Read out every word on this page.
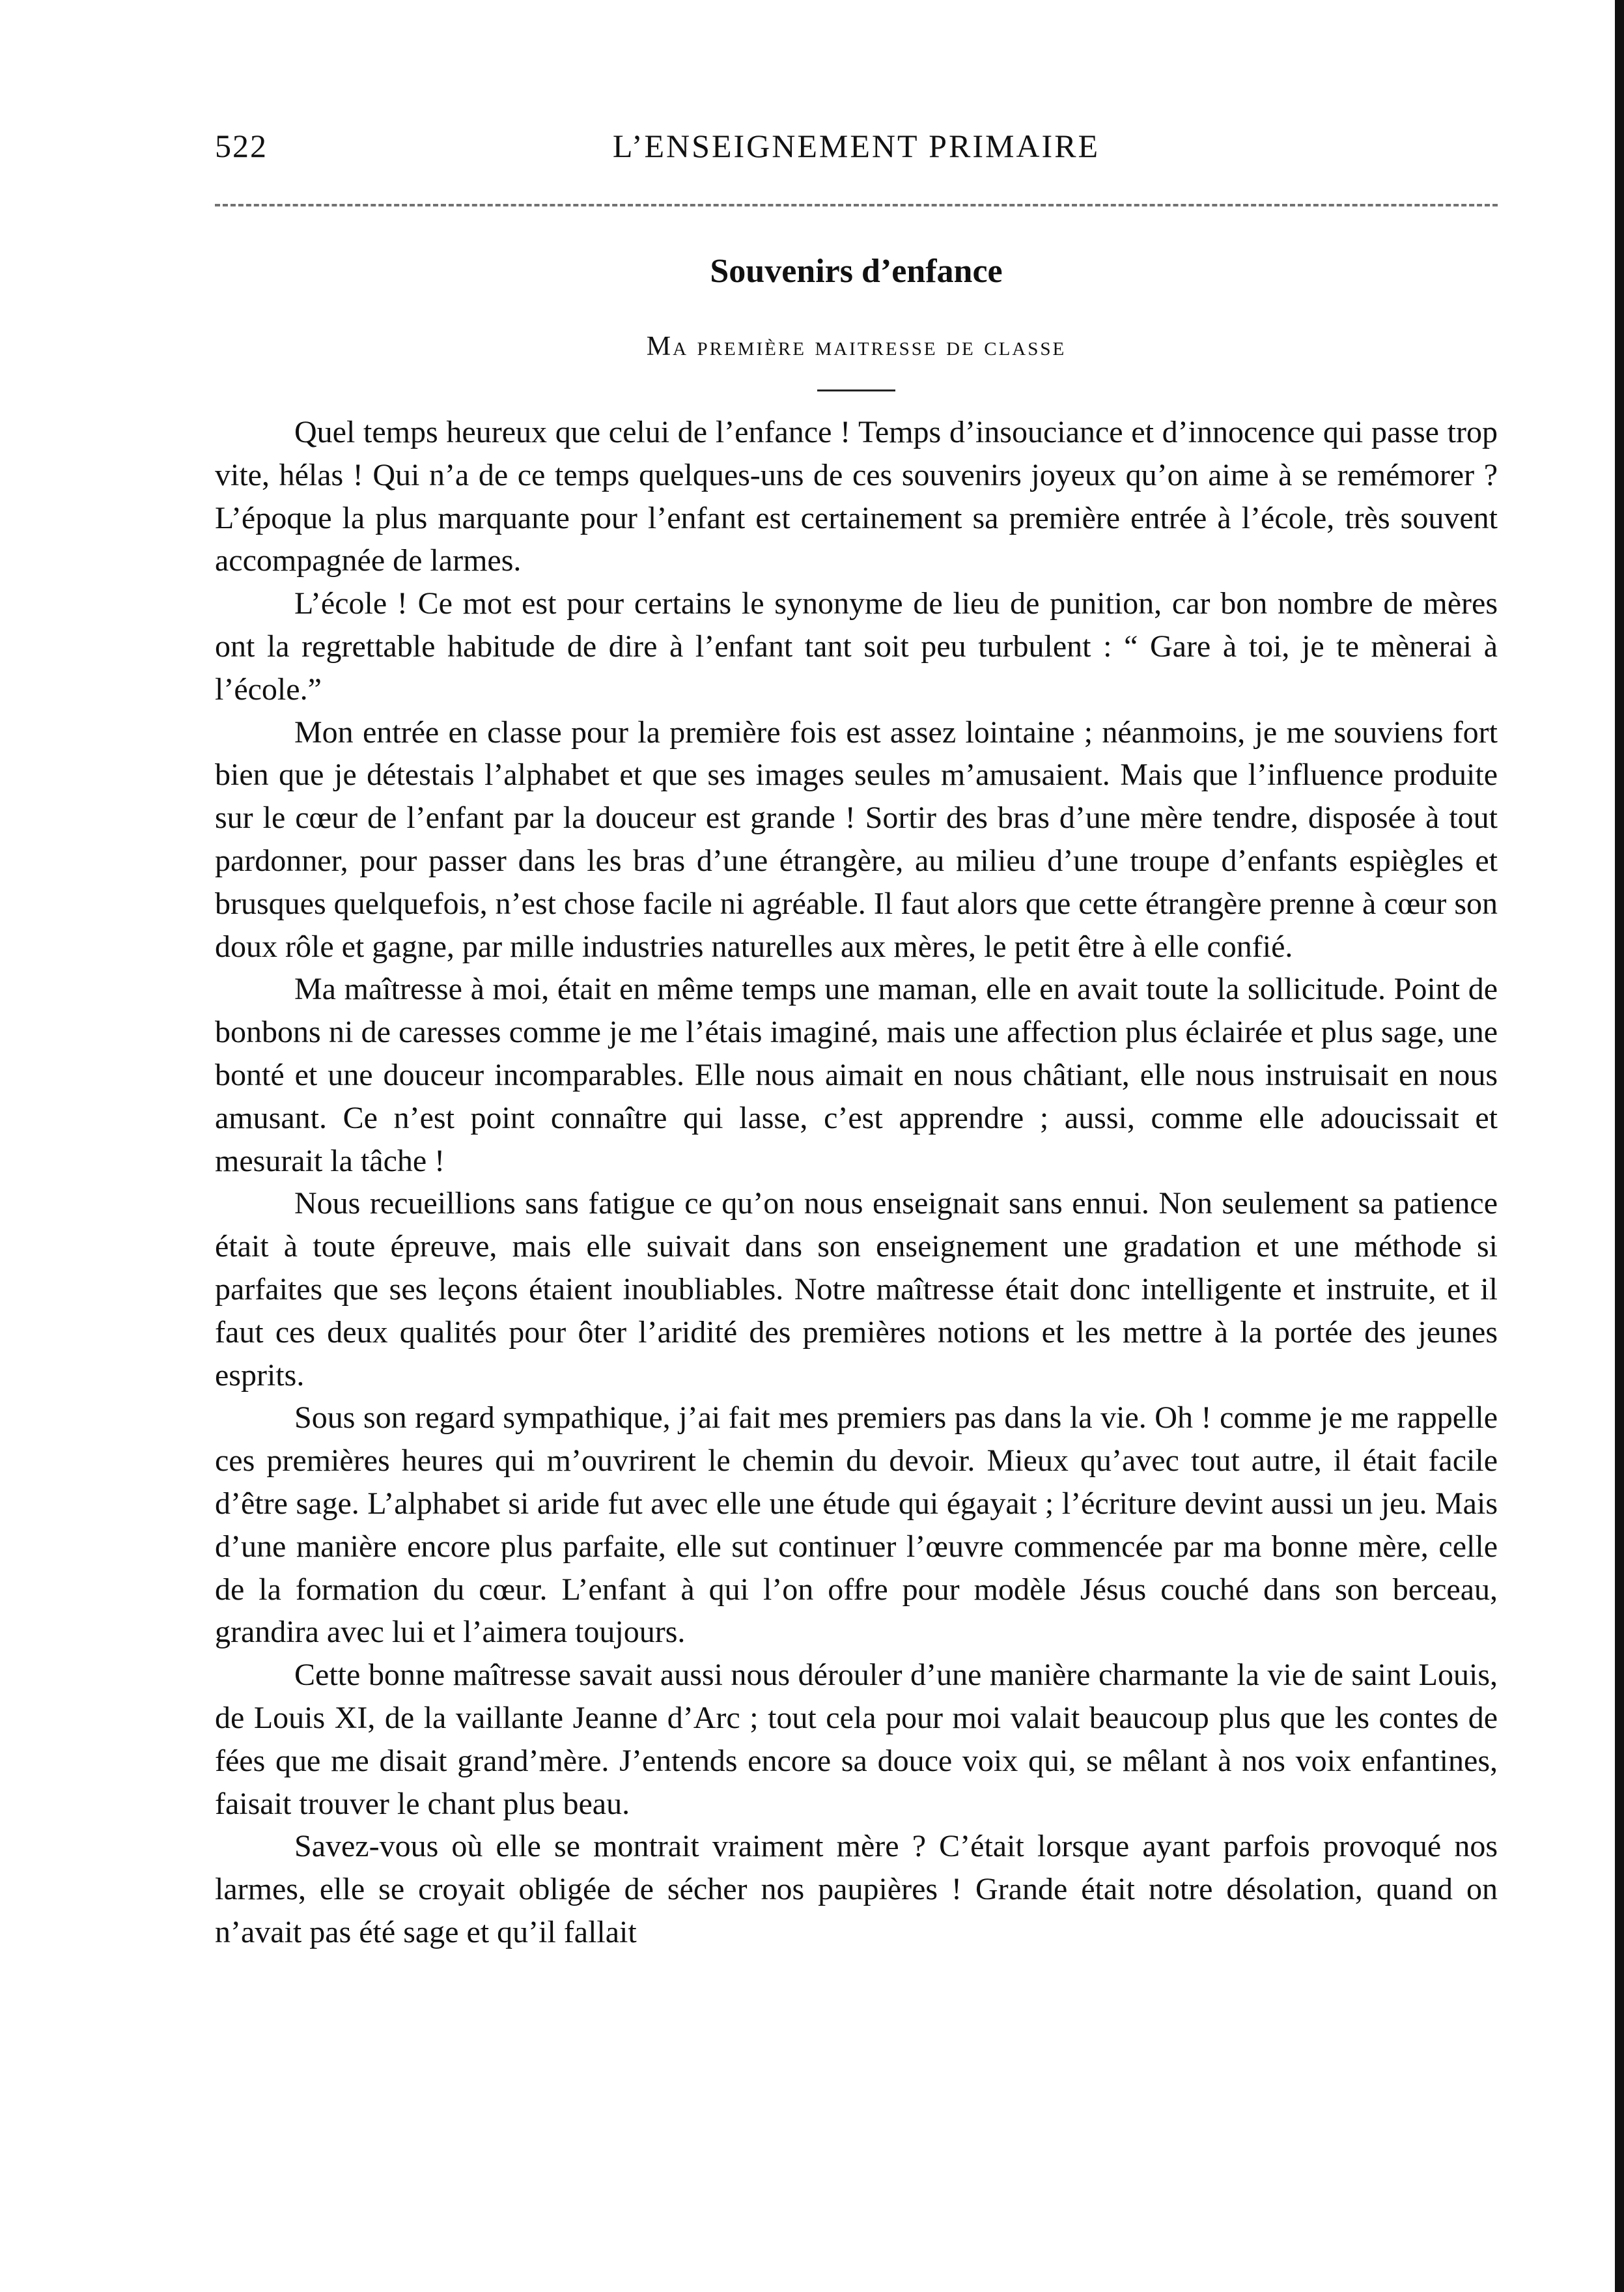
522	L’ENSEIGNEMENT PRIMAIRE
Souvenirs d’enfance
Ma première maitresse de classe

Quel temps heureux que celui de l’enfance ! Temps d’insouciance et d’innocence qui passe trop vite, hélas ! Qui n’a de ce temps quelques-uns de ces souvenirs joyeux qu’on aime à se remémorer ? L’époque la plus marquante pour l’enfant est certainement sa première entrée à l’école, très souvent accompagnée de larmes.

L’école ! Ce mot est pour certains le synonyme de lieu de punition, car bon nombre de mères ont la regrettable habitude de dire à l’enfant tant soit peu turbulent : “ Gare à toi, je te mènerai à l’école.”

Mon entrée en classe pour la première fois est assez lointaine ; néanmoins, je me souviens fort bien que je détestais l’alphabet et que ses images seules m’amusaient. Mais que l’influence produite sur le cœur de l’enfant par la douceur est grande ! Sortir des bras d’une mère tendre, disposée à tout pardonner, pour passer dans les bras d’une étrangère, au milieu d’une troupe d’enfants espiègles et brusques quelquefois, n’est chose facile ni agréable. Il faut alors que cette étrangère prenne à cœur son doux rôle et gagne, par mille industries naturelles aux mères, le petit être à elle confié.

Ma maîtresse à moi, était en même temps une maman, elle en avait toute la sollicitude. Point de bonbons ni de caresses comme je me l’étais imaginé, mais une affection plus éclairée et plus sage, une bonté et une douceur incomparables. Elle nous aimait en nous châtiant, elle nous instruisait en nous amusant. Ce n’est point connaître qui lasse, c’est apprendre ; aussi, comme elle adoucissait et mesurait la tâche !

Nous recueillions sans fatigue ce qu’on nous enseignait sans ennui. Non seulement sa patience était à toute épreuve, mais elle suivait dans son enseignement une gradation et une méthode si parfaites que ses leçons étaient inoubliables. Notre maîtresse était donc intelligente et instruite, et il faut ces deux qualités pour ôter l’aridité des premières notions et les mettre à la portée des jeunes esprits.

Sous son regard sympathique, j’ai fait mes premiers pas dans la vie. Oh ! comme je me rappelle ces premières heures qui m’ouvrirent le chemin du devoir. Mieux qu’avec tout autre, il était facile d’être sage. L’alphabet si aride fut avec elle une étude qui égayait ; l’écriture devint aussi un jeu. Mais d’une manière encore plus parfaite, elle sut continuer l’œuvre commencée par ma bonne mère, celle de la formation du cœur. L’enfant à qui l’on offre pour modèle Jésus couché dans son berceau, grandira avec lui et l’aimera toujours.

Cette bonne maîtresse savait aussi nous dérouler d’une manière charmante la vie de saint Louis, de Louis XI, de la vaillante Jeanne d’Arc ; tout cela pour moi valait beaucoup plus que les contes de fées que me disait grand’mère. J’entends encore sa douce voix qui, se mêlant à nos voix enfantines, faisait trouver le chant plus beau.

Savez-vous où elle se montrait vraiment mère ? C’était lorsque ayant parfois provoqué nos larmes, elle se croyait obligée de sécher nos paupières ! Grande était notre désolation, quand on n’avait pas été sage et qu’il fallait
